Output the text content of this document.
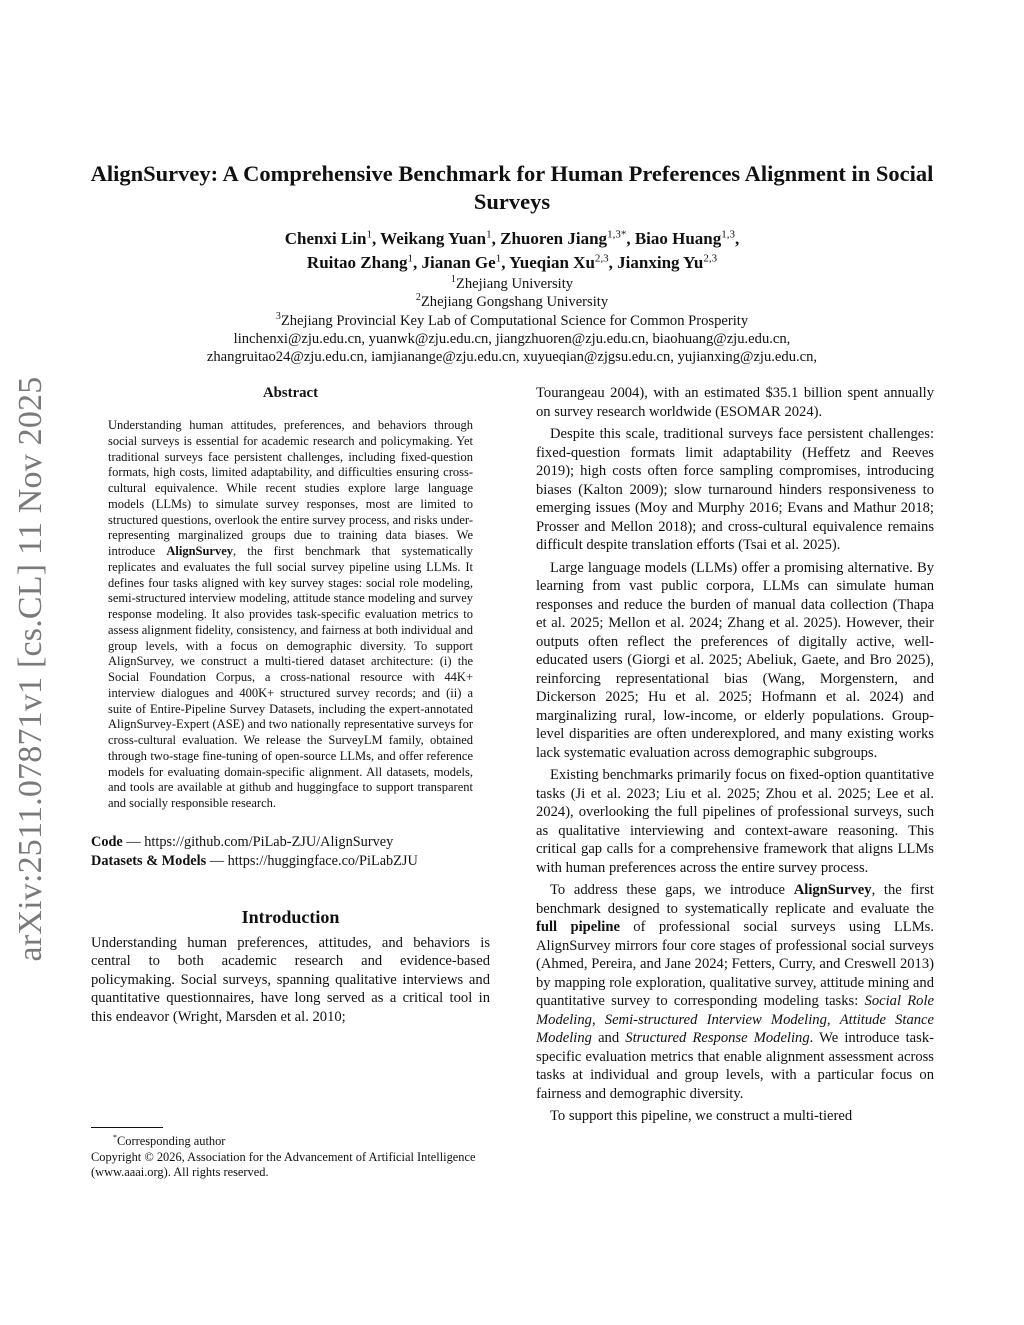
arXiv:2511.07871v1 [cs.CL] 11 Nov 2025
AlignSurvey: A Comprehensive Benchmark for Human Preferences Alignment in Social Surveys
Chenxi Lin$^1$, Weikang Yuan$^1$, Zhuoren Jiang$^{1,3*}$, Biao Huang$^{1,3}$,
Ruitao Zhang$^1$, Jianan Ge$^1$, Yueqian Xu$^{2,3}$, Jianxing Yu$^{2,3}$
$^1$Zhejiang University
$^2$Zhejiang Gongshang University
$^3$Zhejiang Provincial Key Lab of Computational Science for Common Prosperity
linchenxi@zju.edu.cn, yuanwk@zju.edu.cn, jiangzhuoren@zju.edu.cn, biaohuang@zju.edu.cn,
zhangruitao24@zju.edu.cn, iamjianange@zju.edu.cn, xuyueqian@zjgsu.edu.cn, yujianxing@zju.edu.cn,
Abstract
Understanding human attitudes, preferences, and behaviors through social surveys is essential for academic research and policymaking. Yet traditional surveys face persistent challenges, including fixed-question formats, high costs, limited adaptability, and difficulties ensuring cross-cultural equivalence. While recent studies explore large language models (LLMs) to simulate survey responses, most are limited to structured questions, overlook the entire survey process, and risks under-representing marginalized groups due to training data biases. We introduce AlignSurvey, the first benchmark that systematically replicates and evaluates the full social survey pipeline using LLMs. It defines four tasks aligned with key survey stages: social role modeling, semi-structured interview modeling, attitude stance modeling and survey response modeling. It also provides task-specific evaluation metrics to assess alignment fidelity, consistency, and fairness at both individual and group levels, with a focus on demographic diversity. To support AlignSurvey, we construct a multi-tiered dataset architecture: (i) the Social Foundation Corpus, a cross-national resource with 44K+ interview dialogues and 400K+ structured survey records; and (ii) a suite of Entire-Pipeline Survey Datasets, including the expert-annotated AlignSurvey-Expert (ASE) and two nationally representative surveys for cross-cultural evaluation. We release the SurveyLM family, obtained through two-stage fine-tuning of open-source LLMs, and offer reference models for evaluating domain-specific alignment. All datasets, models, and tools are available at github and huggingface to support transparent and socially responsible research.
Code — https://github.com/PiLab-ZJU/AlignSurvey
Datasets & Models — https://huggingface.co/PiLabZJU
Introduction

Understanding human preferences, attitudes, and behaviors is central to both academic research and evidence-based policymaking. Social surveys, spanning qualitative interviews and quantitative questionnaires, have long served as a critical tool in this endeavor (Wright, Marsden et al. 2010;

*Corresponding author
Copyright © 2026, Association for the Advancement of Artificial Intelligence (www.aaai.org). All rights reserved.

Tourangeau 2004), with an estimated $35.1 billion spent annually on survey research worldwide (ESOMAR 2024).

Despite this scale, traditional surveys face persistent challenges: fixed-question formats limit adaptability (Heffetz and Reeves 2019); high costs often force sampling compromises, introducing biases (Kalton 2009); slow turnaround hinders responsiveness to emerging issues (Moy and Murphy 2016; Evans and Mathur 2018; Prosser and Mellon 2018); and cross-cultural equivalence remains difficult despite translation efforts (Tsai et al. 2025).

Large language models (LLMs) offer a promising alternative. By learning from vast public corpora, LLMs can simulate human responses and reduce the burden of manual data collection (Thapa et al. 2025; Mellon et al. 2024; Zhang et al. 2025). However, their outputs often reflect the preferences of digitally active, well-educated users (Giorgi et al. 2025; Abeliuk, Gaete, and Bro 2025), reinforcing representational bias (Wang, Morgenstern, and Dickerson 2025; Hu et al. 2025; Hofmann et al. 2024) and marginalizing rural, low-income, or elderly populations. Group-level disparities are often underexplored, and many existing works lack systematic evaluation across demographic subgroups.

Existing benchmarks primarily focus on fixed-option quantitative tasks (Ji et al. 2023; Liu et al. 2025; Zhou et al. 2025; Lee et al. 2024), overlooking the full pipelines of professional surveys, such as qualitative interviewing and context-aware reasoning. This critical gap calls for a comprehensive framework that aligns LLMs with human preferences across the entire survey process.

To address these gaps, we introduce AlignSurvey, the first benchmark designed to systematically replicate and evaluate the full pipeline of professional social surveys using LLMs. AlignSurvey mirrors four core stages of professional social surveys (Ahmed, Pereira, and Jane 2024; Fetters, Curry, and Creswell 2013) by mapping role exploration, qualitative survey, attitude mining and quantitative survey to corresponding modeling tasks: Social Role Modeling, Semi-structured Interview Modeling, Attitude Stance Modeling and Structured Response Modeling. We introduce task-specific evaluation metrics that enable alignment assessment across tasks at individual and group levels, with a particular focus on fairness and demographic diversity.

To support this pipeline, we construct a multi-tiered
